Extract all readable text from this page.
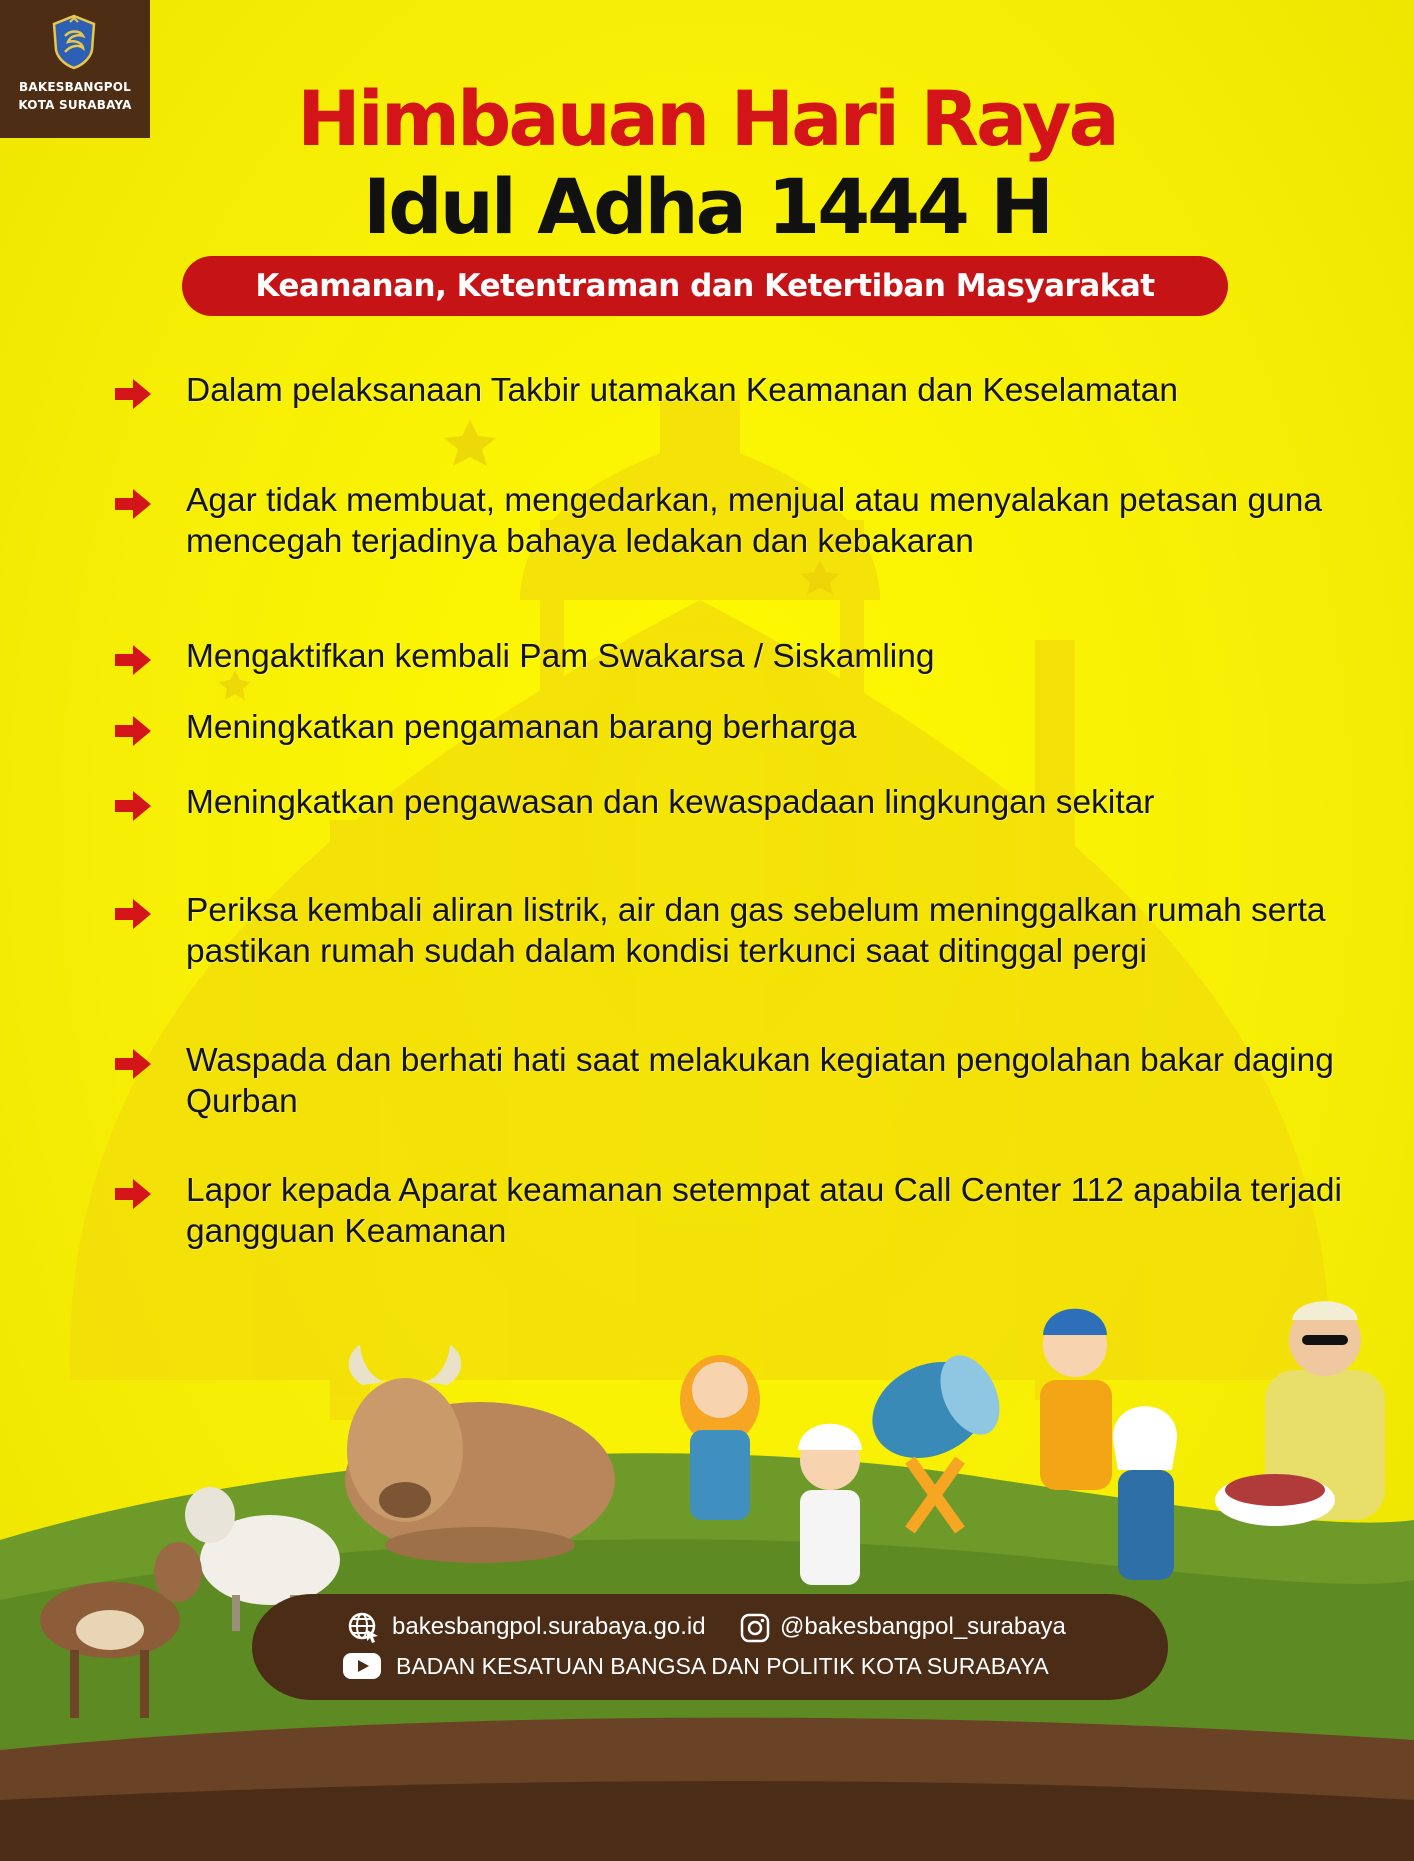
BAKESBANGPOL
KOTA SURABAYA	Himbauan Hari Raya
Idul Adha 1444 H
Keamanan, Ketentraman dan Ketertiban Masyarakat
Dalam pelaksanaan Takbir utamakan Keamanan dan Keselamatan
Agar tidak membuat, mengedarkan, menjual atau menyalakan petasan guna mencegah terjadinya bahaya ledakan dan kebakaran
Mengaktifkan kembali Pam Swakarsa / Siskamling
Meningkatkan pengamanan barang berharga
Meningkatkan pengawasan dan kewaspadaan lingkungan sekitar
Periksa kembali aliran listrik, air dan gas sebelum meninggalkan rumah serta pastikan rumah sudah dalam kondisi terkunci saat ditinggal pergi
Waspada dan berhati hati saat melakukan kegiatan pengolahan bakar daging Qurban
Lapor kepada Aparat keamanan setempat atau Call Center 112 apabila terjadi gangguan Keamanan
bakesbangpol.surabaya.go.id	@bakesbangpol_surabaya
BADAN KESATUAN BANGSA DAN POLITIK KOTA SURABAYA
